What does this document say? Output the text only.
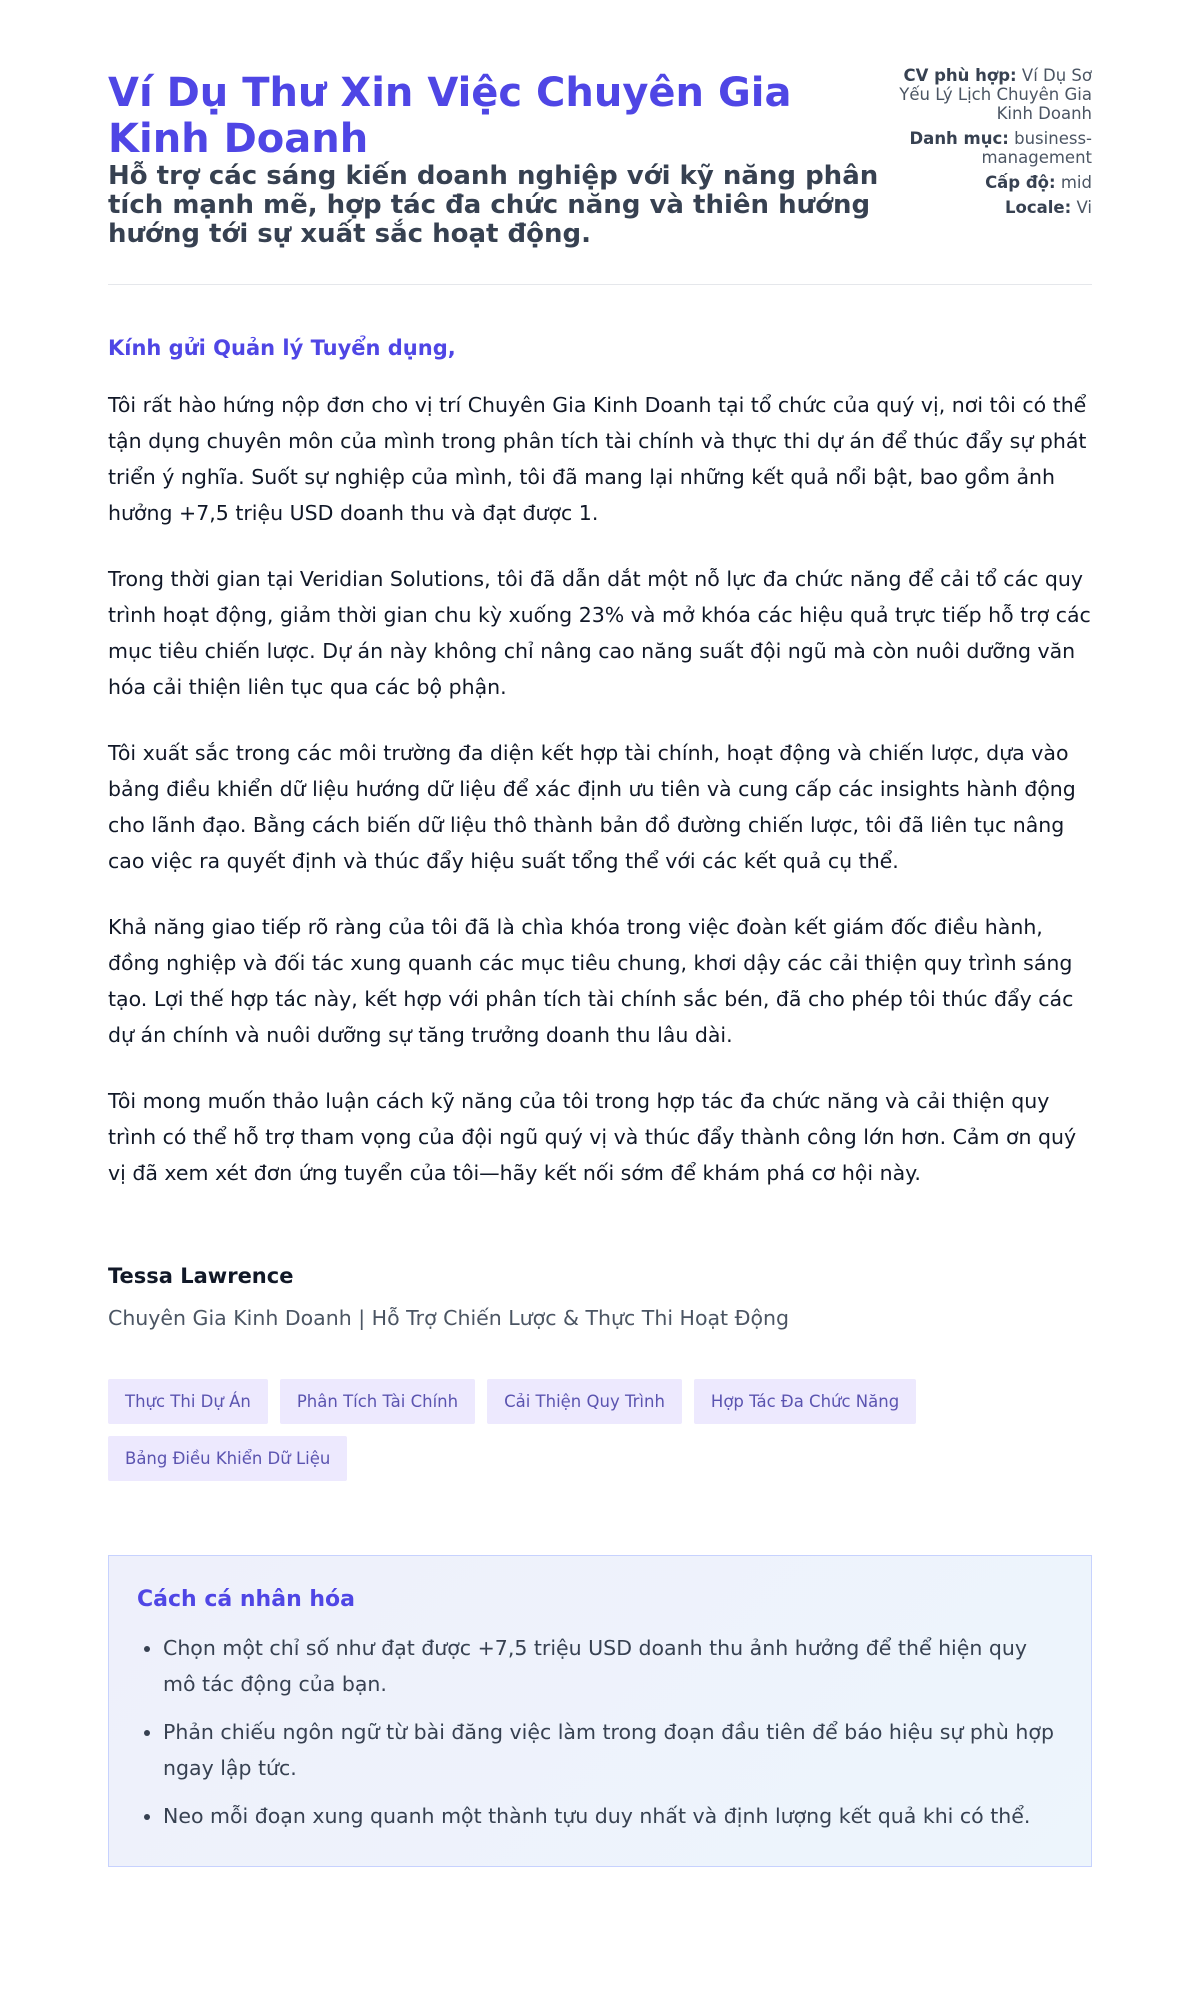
Ví Dụ Thư Xin Việc Chuyên Gia Kinh Doanh
Hỗ trợ các sáng kiến doanh nghiệp với kỹ năng phân tích mạnh mẽ, hợp tác đa chức năng và thiên hướng hướng tới sự xuất sắc hoạt động.
CV phù hợp: Ví Dụ Sơ Yếu Lý Lịch Chuyên Gia Kinh Doanh
Danh mục: business-management
Cấp độ: mid
Locale: Vi
Kính gửi Quản lý Tuyển dụng,

Tôi rất hào hứng nộp đơn cho vị trí Chuyên Gia Kinh Doanh tại tổ chức của quý vị, nơi tôi có thể tận dụng chuyên môn của mình trong phân tích tài chính và thực thi dự án để thúc đẩy sự phát triển ý nghĩa. Suốt sự nghiệp của mình, tôi đã mang lại những kết quả nổi bật, bao gồm ảnh hưởng +7,5 triệu USD doanh thu và đạt được 1.

Trong thời gian tại Veridian Solutions, tôi đã dẫn dắt một nỗ lực đa chức năng để cải tổ các quy trình hoạt động, giảm thời gian chu kỳ xuống 23% và mở khóa các hiệu quả trực tiếp hỗ trợ các mục tiêu chiến lược. Dự án này không chỉ nâng cao năng suất đội ngũ mà còn nuôi dưỡng văn hóa cải thiện liên tục qua các bộ phận.

Tôi xuất sắc trong các môi trường đa diện kết hợp tài chính, hoạt động và chiến lược, dựa vào bảng điều khiển dữ liệu hướng dữ liệu để xác định ưu tiên và cung cấp các insights hành động cho lãnh đạo. Bằng cách biến dữ liệu thô thành bản đồ đường chiến lược, tôi đã liên tục nâng cao việc ra quyết định và thúc đẩy hiệu suất tổng thể với các kết quả cụ thể.

Khả năng giao tiếp rõ ràng của tôi đã là chìa khóa trong việc đoàn kết giám đốc điều hành, đồng nghiệp và đối tác xung quanh các mục tiêu chung, khơi dậy các cải thiện quy trình sáng tạo. Lợi thế hợp tác này, kết hợp với phân tích tài chính sắc bén, đã cho phép tôi thúc đẩy các dự án chính và nuôi dưỡng sự tăng trưởng doanh thu lâu dài.

Tôi mong muốn thảo luận cách kỹ năng của tôi trong hợp tác đa chức năng và cải thiện quy trình có thể hỗ trợ tham vọng của đội ngũ quý vị và thúc đẩy thành công lớn hơn. Cảm ơn quý vị đã xem xét đơn ứng tuyển của tôi—hãy kết nối sớm để khám phá cơ hội này.

Tessa Lawrence
Chuyên Gia Kinh Doanh | Hỗ Trợ Chiến Lược & Thực Thi Hoạt Động
Thực Thi Dự Án	Phân Tích Tài Chính	Cải Thiện Quy Trình	Hợp Tác Đa Chức Năng
Bảng Điều Khiển Dữ Liệu
Cách cá nhân hóa
• Chọn một chỉ số như đạt được +7,5 triệu USD doanh thu ảnh hưởng để thể hiện quy mô tác động của bạn.
• Phản chiếu ngôn ngữ từ bài đăng việc làm trong đoạn đầu tiên để báo hiệu sự phù hợp ngay lập tức.
• Neo mỗi đoạn xung quanh một thành tựu duy nhất và định lượng kết quả khi có thể.
